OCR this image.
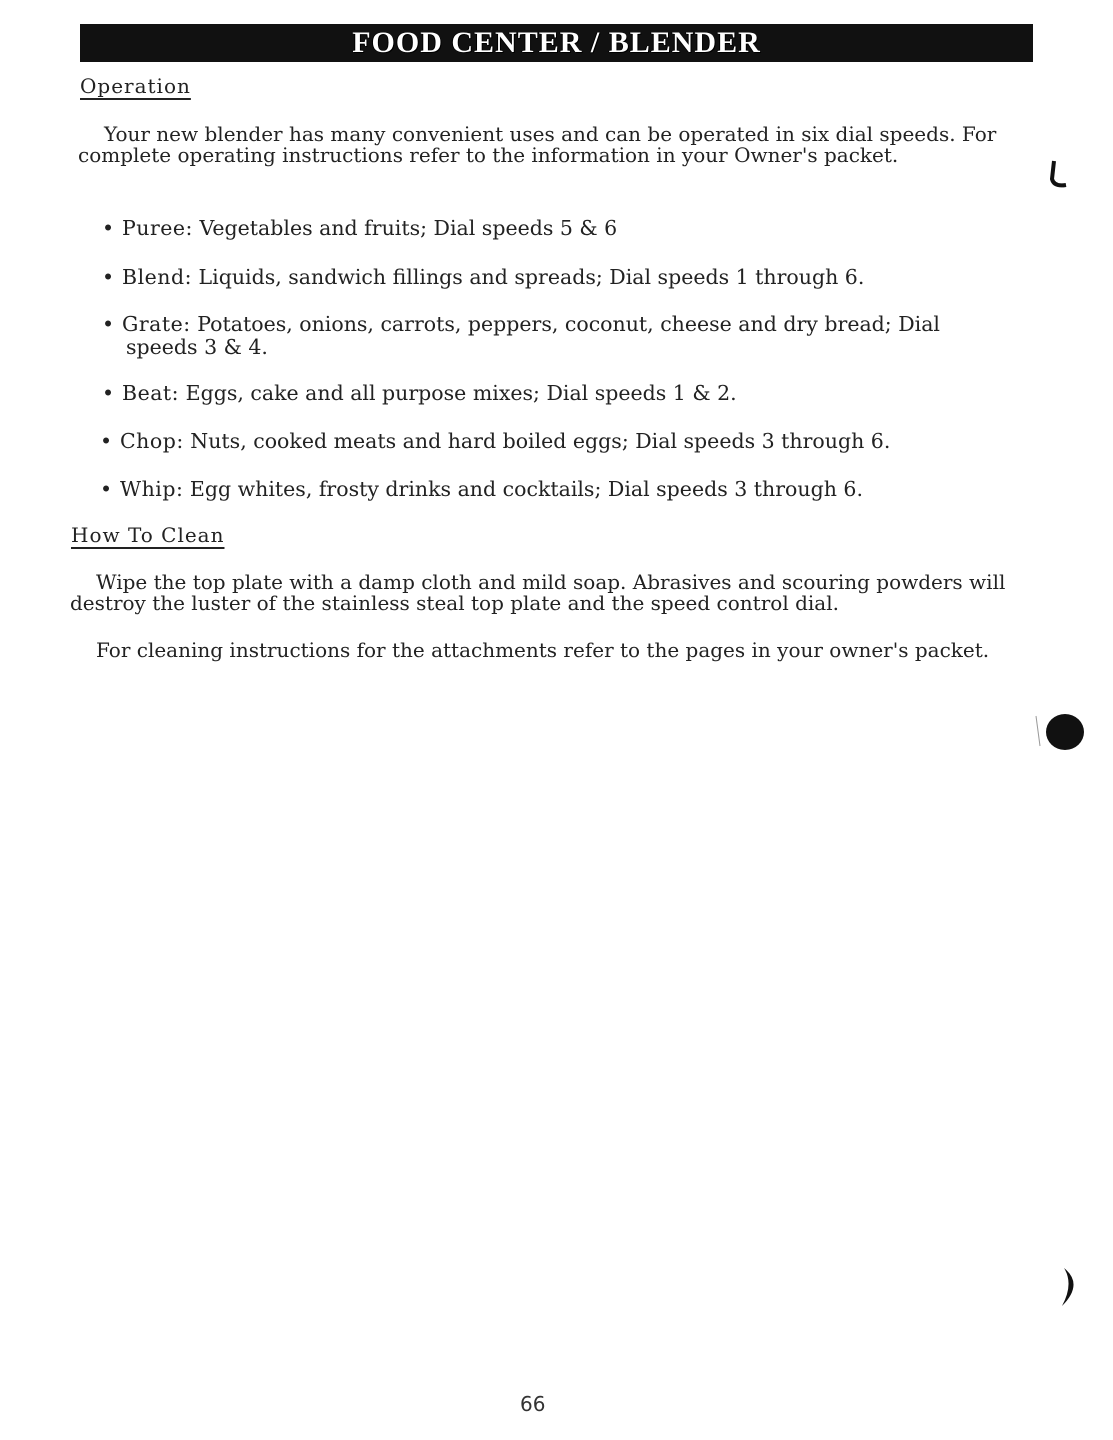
FOOD CENTER / BLENDER
Operation

Your new blender has many convenient uses and can be operated in six dial speeds. For complete operating instructions refer to the information in your Owner's packet.

• Puree: Vegetables and fruits; Dial speeds 5 & 6
• Blend: Liquids, sandwich fillings and spreads; Dial speeds 1 through 6.
• Grate: Potatoes, onions, carrots, peppers, coconut, cheese and dry bread; Dial
speeds 3 & 4.
• Beat: Eggs, cake and all purpose mixes; Dial speeds 1 & 2.
• Chop: Nuts, cooked meats and hard boiled eggs; Dial speeds 3 through 6.
• Whip: Egg whites, frosty drinks and cocktails; Dial speeds 3 through 6.
How To Clean

Wipe the top plate with a damp cloth and mild soap. Abrasives and scouring powders will destroy the luster of the stainless steal top plate and the speed control dial.

For cleaning instructions for the attachments refer to the pages in your owner's packet.

66
